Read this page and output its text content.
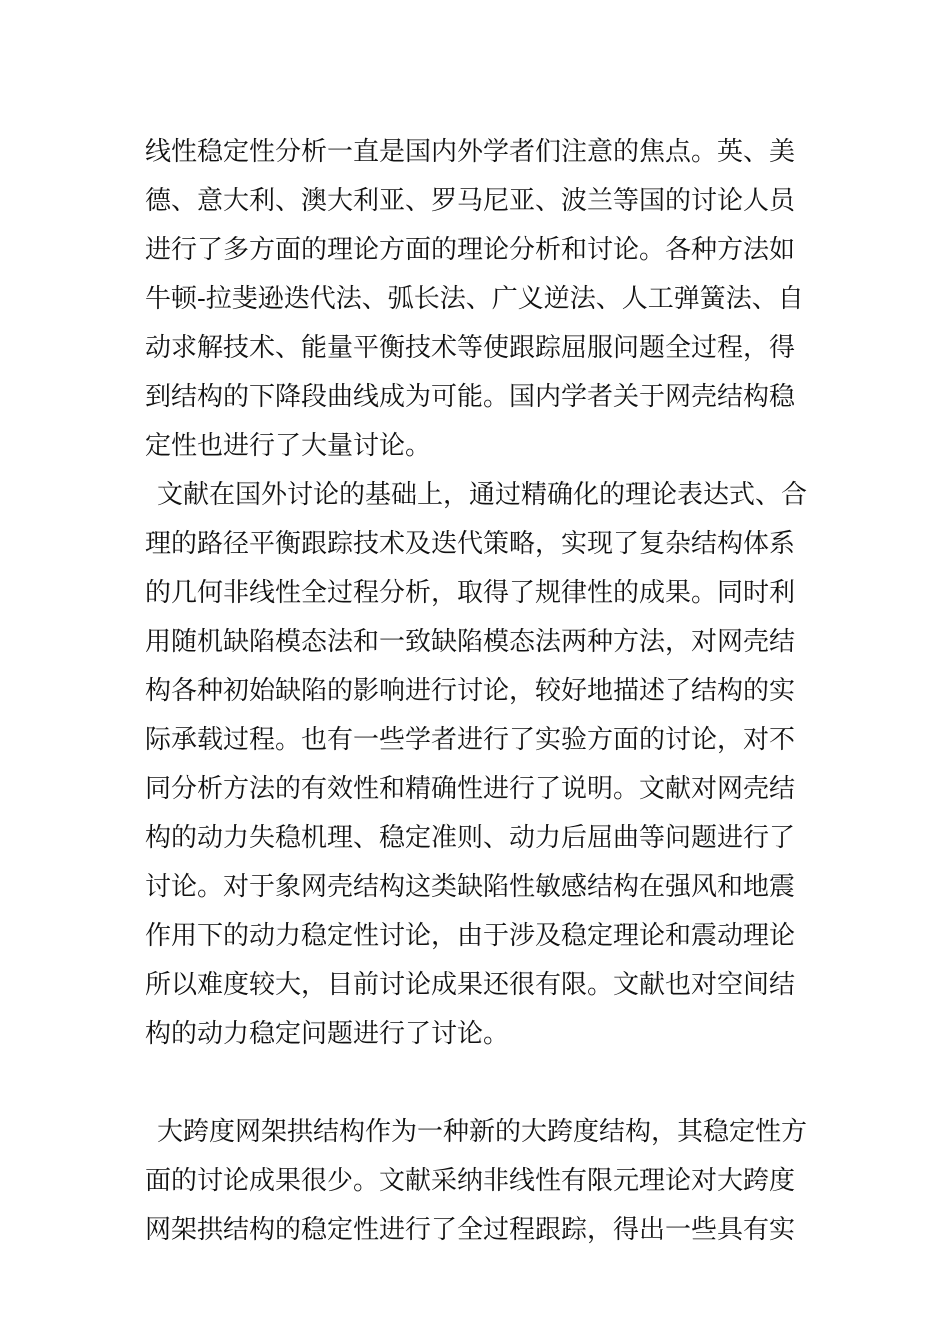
线性稳定性分析一直是国内外学者们注意的焦点。英、美
德、意大利、澳大利亚、罗马尼亚、波兰等国的讨论人员
进行了多方面的理论方面的理论分析和讨论。各种方法如
牛顿-拉斐逊迭代法、弧长法、广义逆法、人工弹簧法、自
动求解技术、能量平衡技术等使跟踪屈服问题全过程，得
到结构的下降段曲线成为可能。国内学者关于网壳结构稳
定性也进行了大量讨论。
文献在国外讨论的基础上，通过精确化的理论表达式、合
理的路径平衡跟踪技术及迭代策略，实现了复杂结构体系
的几何非线性全过程分析，取得了规律性的成果。同时利
用随机缺陷模态法和一致缺陷模态法两种方法，对网壳结
构各种初始缺陷的影响进行讨论，较好地描述了结构的实
际承载过程。也有一些学者进行了实验方面的讨论，对不
同分析方法的有效性和精确性进行了说明。文献对网壳结
构的动力失稳机理、稳定准则、动力后屈曲等问题进行了
讨论。对于象网壳结构这类缺陷性敏感结构在强风和地震
作用下的动力稳定性讨论，由于涉及稳定理论和震动理论
所以难度较大，目前讨论成果还很有限。文献也对空间结
构的动力稳定问题进行了讨论。
大跨度网架拱结构作为一种新的大跨度结构，其稳定性方
面的讨论成果很少。文献采纳非线性有限元理论对大跨度
网架拱结构的稳定性进行了全过程跟踪，得出一些具有实
